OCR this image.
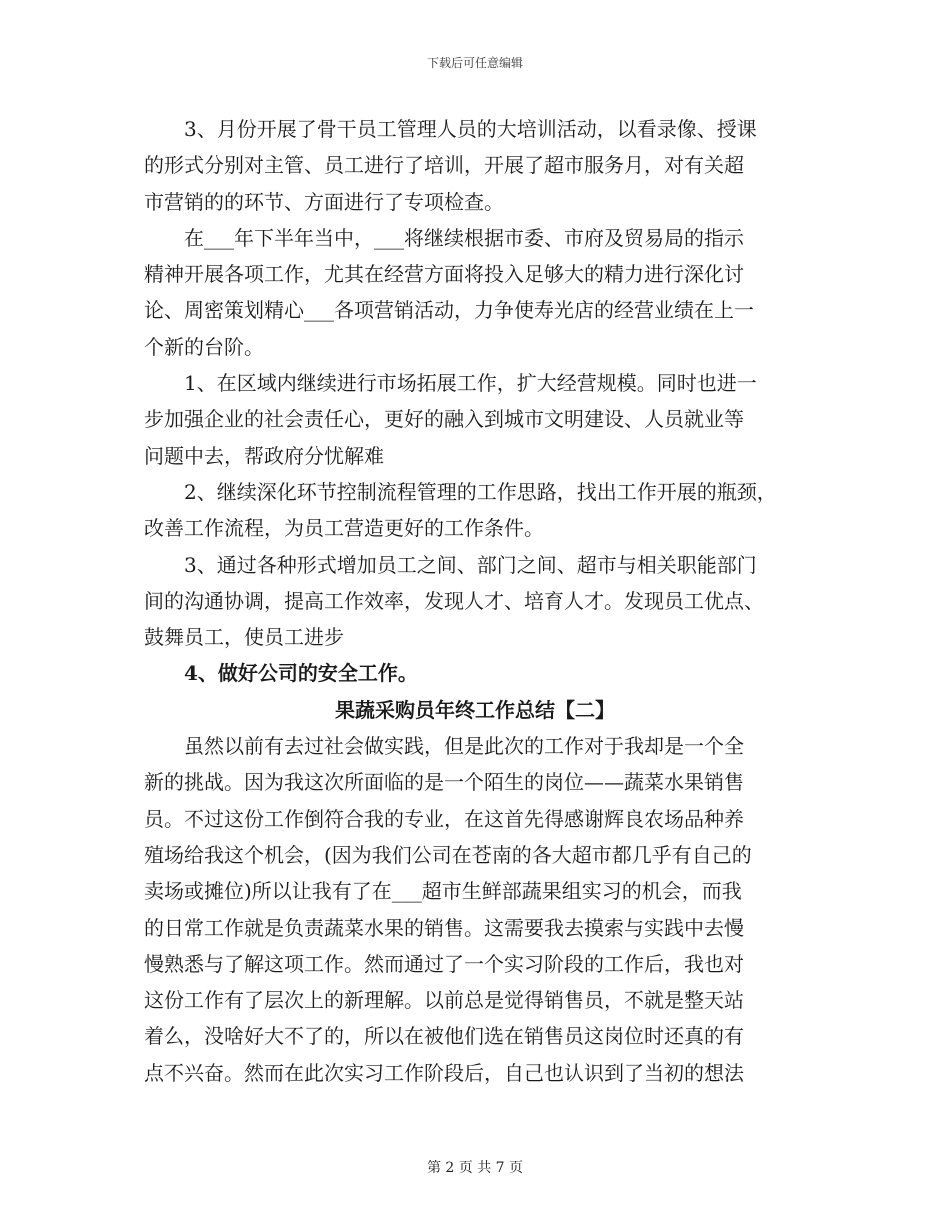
下载后可任意编辑
3、月份开展了骨干员工管理人员的大培训活动，以看录像、授课
的形式分别对主管、员工进行了培训，开展了超市服务月，对有关超
市营销的的环节、方面进行了专项检查。
在___年下半年当中，___将继续根据市委、市府及贸易局的指示
精神开展各项工作，尤其在经营方面将投入足够大的精力进行深化讨
论、周密策划精心___各项营销活动，力争使寿光店的经营业绩在上一
个新的台阶。
1、在区域内继续进行市场拓展工作，扩大经营规模。同时也进一
步加强企业的社会责任心，更好的融入到城市文明建设、人员就业等
问题中去，帮政府分忧解难
2、继续深化环节控制流程管理的工作思路，找出工作开展的瓶颈，
改善工作流程，为员工营造更好的工作条件。
3、通过各种形式增加员工之间、部门之间、超市与相关职能部门
间的沟通协调，提高工作效率，发现人才、培育人才。发现员工优点、
鼓舞员工，使员工进步
4、做好公司的安全工作。
果蔬采购员年终工作总结【二】
虽然以前有去过社会做实践，但是此次的工作对于我却是一个全
新的挑战。因为我这次所面临的是一个陌生的岗位——蔬菜水果销售
员。不过这份工作倒符合我的专业，在这首先得感谢辉良农场品种养
殖场给我这个机会，(因为我们公司在苍南的各大超市都几乎有自己的
卖场或摊位)所以让我有了在___超市生鲜部蔬果组实习的机会，而我
的日常工作就是负责蔬菜水果的销售。这需要我去摸索与实践中去慢
慢熟悉与了解这项工作。然而通过了一个实习阶段的工作后，我也对
这份工作有了层次上的新理解。以前总是觉得销售员，不就是整天站
着么，没啥好大不了的，所以在被他们选在销售员这岗位时还真的有
点不兴奋。然而在此次实习工作阶段后，自己也认识到了当初的想法
第 2 页 共 7 页
